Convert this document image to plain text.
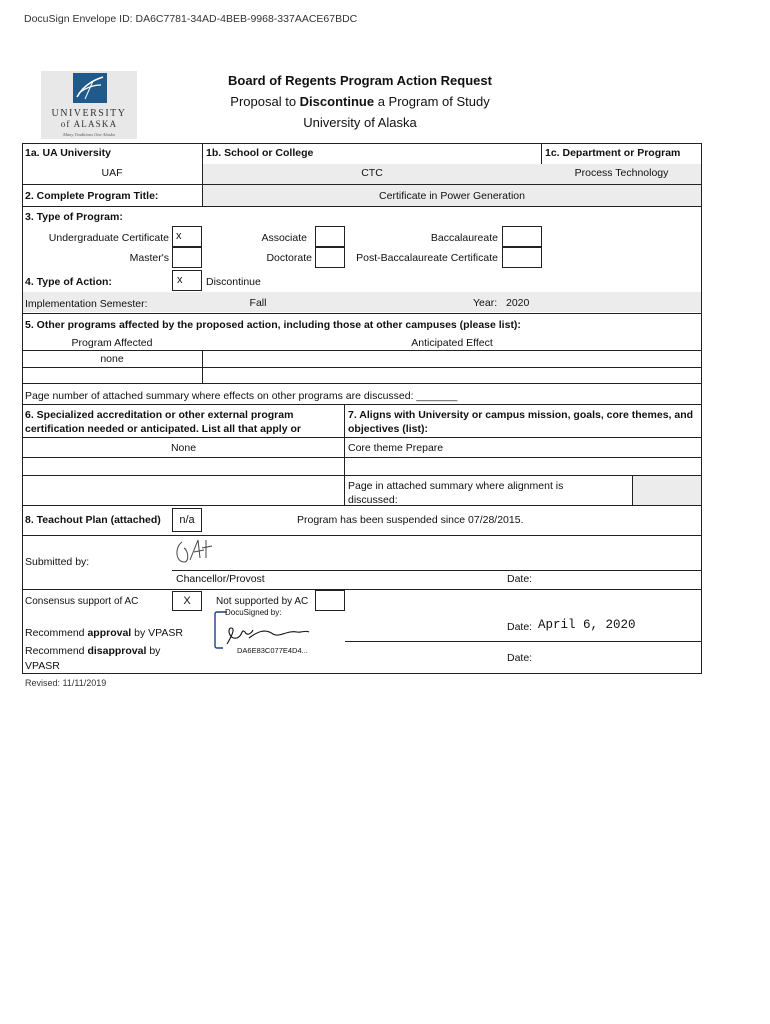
DocuSign Envelope ID: DA6C7781-34AD-4BEB-9968-337AACE67BDC
UNIVERSITY
of ALASKA
Many Traditions One Alaska
Board of Regents Program Action Request
Proposal to Discontinue a Program of Study
University of Alaska
1a. UA University
UAF
1b. School or College
CTC
1c. Department or Program
Process Technology
2. Complete Program Title:	Certificate in Power Generation
3. Type of Program:
Undergraduate Certificate x	Associate	Baccalaureate
Master's	Doctorate	Post-Baccalaureate Certificate
4. Type of Action:	x	Discontinue
Implementation Semester:	Fall	Year: 2020
5. Other programs affected by the proposed action, including those at other campuses (please list):
Program Affected	Anticipated Effect
none
Page number of attached summary where effects on other programs are discussed: _______
6. Specialized accreditation or other external program
certification needed or anticipated. List all that apply or
None
7. Aligns with University or campus mission, goals, core themes, and
objectives (list):
Core theme Prepare
Page in attached summary where alignment is
discussed:
8. Teachout Plan (attached)	n/a	Program has been suspended since 07/28/2015.
Submitted by:
Chancellor/Provost	Date:
Consensus support of AC	X	Not supported by AC
Recommend approval by VPASR
Recommend disapproval by
VPASR
DocuSigned by:
DA6E83C077E4D4...
Date: April 6, 2020
Date:
Revised: 11/11/2019
